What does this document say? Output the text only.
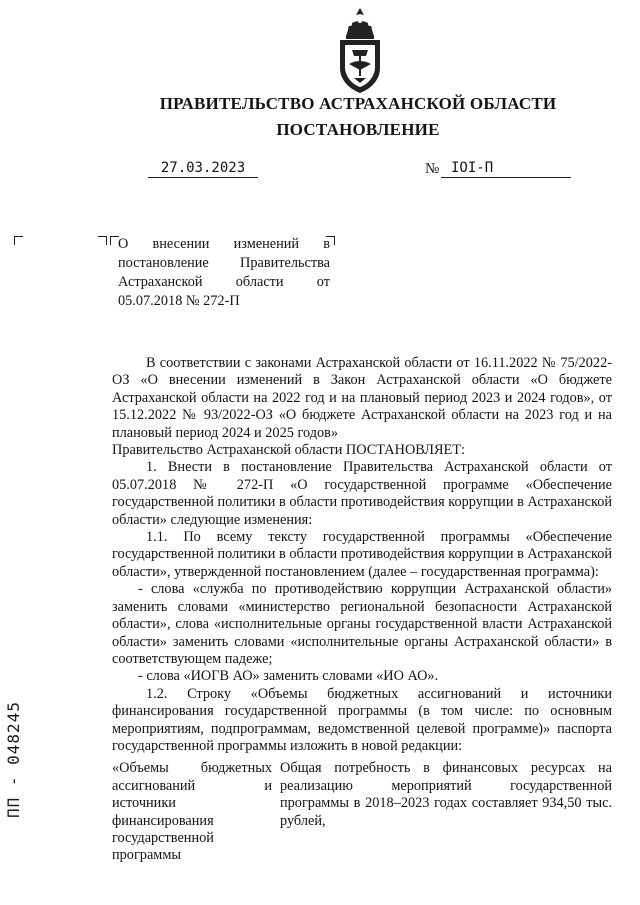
ПРАВИТЕЛЬСТВО АСТРАХАНСКОЙ ОБЛАСТИ
ПОСТАНОВЛЕНИЕ
27.03.2023	№ IOI-П
О внесении изменений в постановление Правительства Астраханской области от 05.07.2018 № 272-П

В соответствии с законами Астраханской области от 16.11.2022 № 75/2022-ОЗ «О внесении изменений в Закон Астраханской области «О бюджете Астраханской области на 2022 год и на плановый период 2023 и 2024 годов», от 15.12.2022 № 93/2022-ОЗ «О бюджете Астраханской области на 2023 год и на плановый период 2024 и 2025 годов»

Правительство Астраханской области ПОСТАНОВЛЯЕТ:

1. Внести в постановление Правительства Астраханской области от 05.07.2018 № 272-П «О государственной программе «Обеспечение государственной политики в области противодействия коррупции в Астраханской области» следующие изменения:

1.1. По всему тексту государственной программы «Обеспечение государственной политики в области противодействия коррупции в Астраханской области», утвержденной постановлением (далее – государственная программа):

- слова «служба по противодействию коррупции Астраханской области» заменить словами «министерство региональной безопасности Астраханской области», слова «исполнительные органы государственной власти Астраханской области» заменить словами «исполнительные органы Астраханской области» в соответствующем падеже;

- слова «ИОГВ АО» заменить словами «ИО АО».

1.2. Строку «Объемы бюджетных ассигнований и источники финансирования государственной программы (в том числе: по основным мероприятиям, подпрограммам, ведомственной целевой программе)» паспорта государственной программы изложить в новой редакции:

«Объемы бюджетных ассигнований и источники финансирования государственной программы
Общая потребность в финансовых ресурсах на реализацию мероприятий государственной программы в 2018–2023 годах составляет 934,50 тыс. рублей,
ПП - 048245
